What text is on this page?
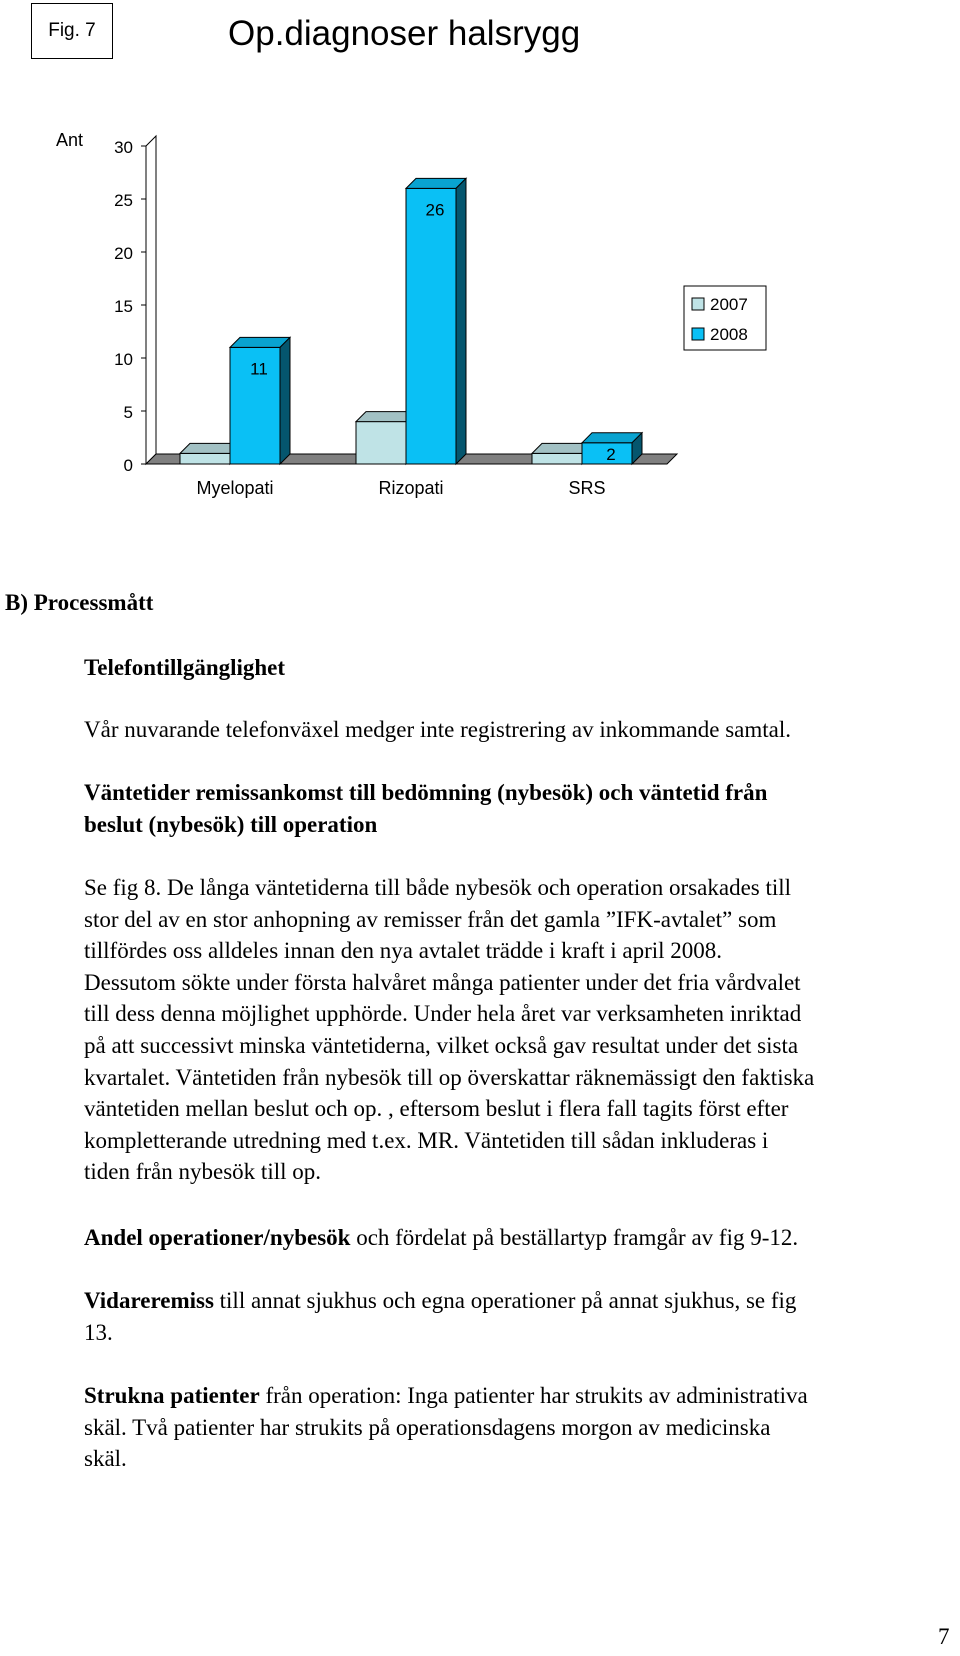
Fig. 7	Op.diagnoser halsrygg
0
5
10
15
20
25
30
Ant
11
Myelopati
26
Rizopati
2
SRS
2007
2008
B) Processmått
Telefontillgänglighet
Vår nuvarande telefonväxel medger inte registrering av inkommande samtal.
Väntetider remissankomst till bedömning (nybesök) och väntetid från
beslut (nybesök) till operation
Se fig 8. De långa väntetiderna till både nybesök och operation orsakades till
stor del av en stor anhopning av remisser från det gamla ”IFK-avtalet” som
tillfördes oss alldeles innan den nya avtalet trädde i kraft i april 2008.
Dessutom sökte under första halvåret många patienter under det fria vårdvalet
till dess denna möjlighet upphörde. Under hela året var verksamheten inriktad
på att successivt minska väntetiderna, vilket också gav resultat under det sista
kvartalet. Väntetiden från nybesök till op överskattar räknemässigt den faktiska
väntetiden mellan beslut och op. , eftersom beslut i flera fall tagits först efter
kompletterande utredning med t.ex. MR. Väntetiden till sådan inkluderas i
tiden från nybesök till op.
Andel operationer/nybesök och fördelat på beställartyp framgår av fig 9-12.
Vidareremiss till annat sjukhus och egna operationer på annat sjukhus, se fig
13.
Strukna patienter från operation: Inga patienter har strukits av administrativa
skäl. Två patienter har strukits på operationsdagens morgon av medicinska
skäl.
7
